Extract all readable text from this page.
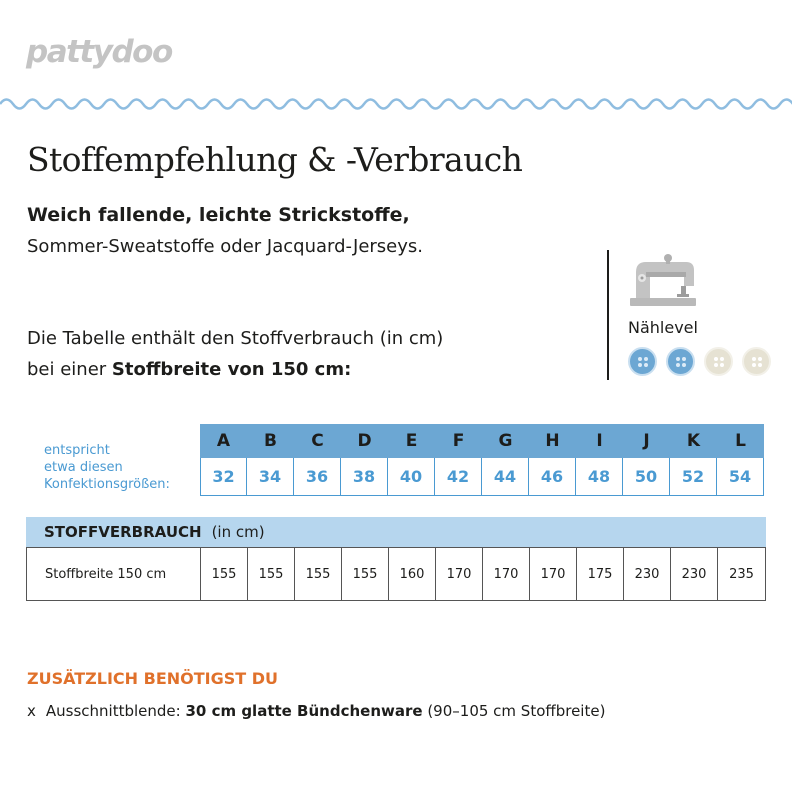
pattydoo
Stoffempfehlung & -Verbrauch
Weich fallende, leichte Strickstoffe,
Sommer-Sweatstoffe oder Jacquard-Jerseys.
Die Tabelle enthält den Stoffverbrauch (in cm)
bei einer Stoffbreite von 150 cm:
Nählevel
entspricht
etwa diesen
Konfektionsgrößen:
A	B	C	D	E	F	G	H	I	J	K	L
32	34	36	38	40	42	44	46	48	50	52	54
STOFFVERBRAUCH (in cm)
Stoffbreite 150 cm	155	155	155	155	160	170	170	170	175	230	230	235
ZUSÄTZLICH BENÖTIGST DU
x Ausschnittblende: 30 cm glatte Bündchenware (90–105 cm Stoffbreite)
